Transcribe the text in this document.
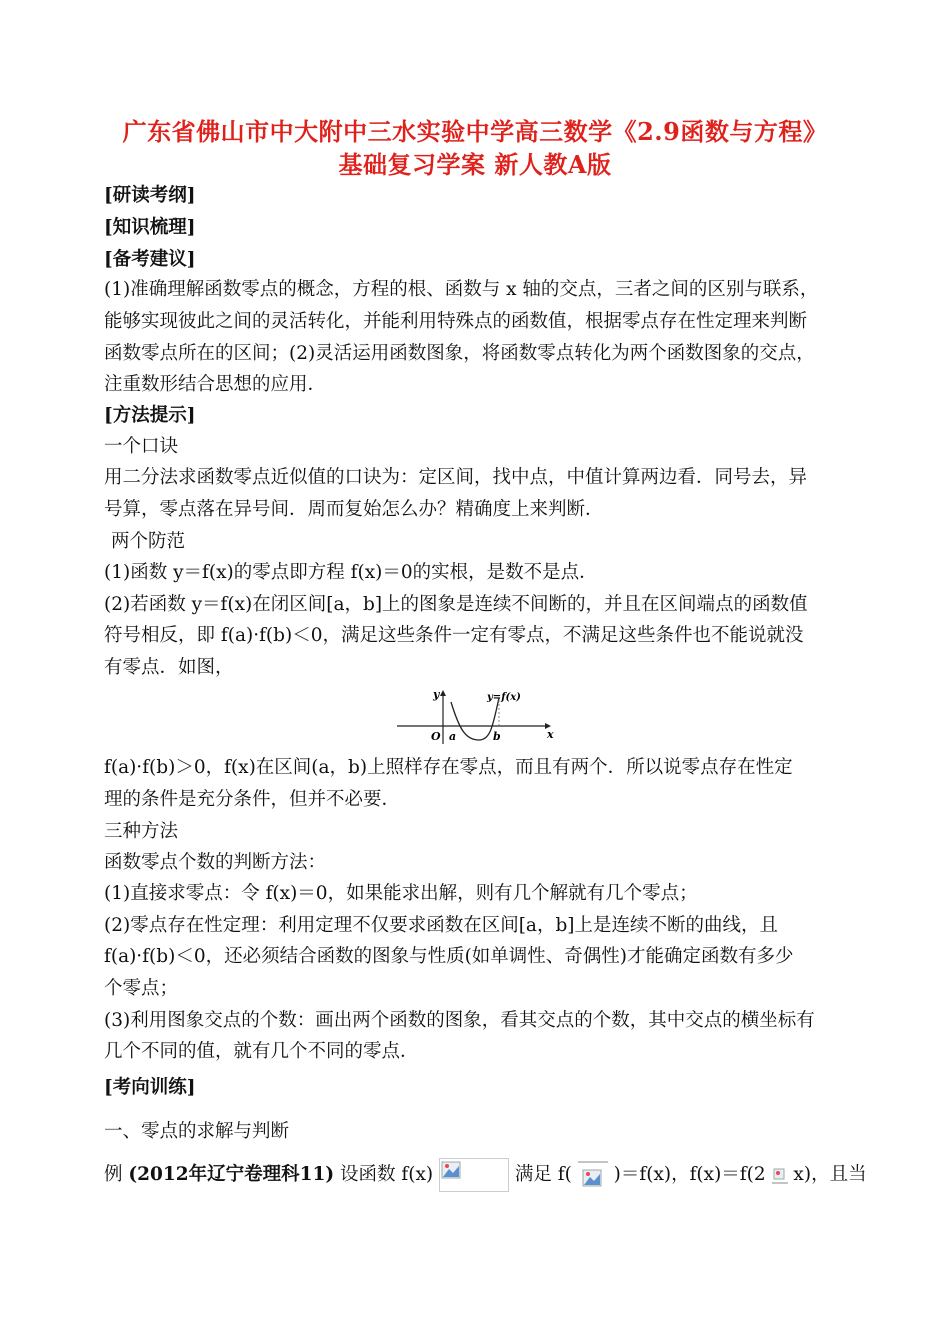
广东省佛山市中大附中三水实验中学高三数学《2.9函数与方程》
基础复习学案 新人教A版
[研读考纲]
[知识梳理]
[备考建议]
(1)准确理解函数零点的概念，方程的根、函数与 x 轴的交点，三者之间的区别与联系，
能够实现彼此之间的灵活转化，并能利用特殊点的函数值，根据零点存在性定理来判断
函数零点所在的区间；(2)灵活运用函数图象，将函数零点转化为两个函数图象的交点，
注重数形结合思想的应用．
[方法提示]
一个口诀
用二分法求函数零点近似值的口诀为：定区间，找中点，中值计算两边看．同号去，异
号算，零点落在异号间．周而复始怎么办？精确度上来判断．
两个防范
(1)函数 y＝f(x)的零点即方程 f(x)＝0的实根，是数不是点．
(2)若函数 y＝f(x)在闭区间[a，b]上的图象是连续不间断的，并且在区间端点的函数值
符号相反，即 f(a)·f(b)＜0，满足这些条件一定有零点，不满足这些条件也不能说就没
有零点．如图，
y
x
O a	b
y=f(x)
f(a)·f(b)＞0，f(x)在区间(a，b)上照样存在零点，而且有两个．所以说零点存在性定
理的条件是充分条件，但并不必要．
三种方法
函数零点个数的判断方法：
(1)直接求零点：令 f(x)＝0，如果能求出解，则有几个解就有几个零点；
(2)零点存在性定理：利用定理不仅要求函数在区间[a，b]上是连续不断的曲线，且
f(a)·f(b)＜0，还必须结合函数的图象与性质(如单调性、奇偶性)才能确定函数有多少
个零点；
(3)利用图象交点的个数：画出两个函数的图象，看其交点的个数，其中交点的横坐标有
几个不同的值，就有几个不同的零点．
[考向训练]
一、零点的求解与判断
例 (2012年辽宁卷理科11) 设函数 f(x)	满足 f( )＝f(x)，f(x)＝f(2 x)，且当
